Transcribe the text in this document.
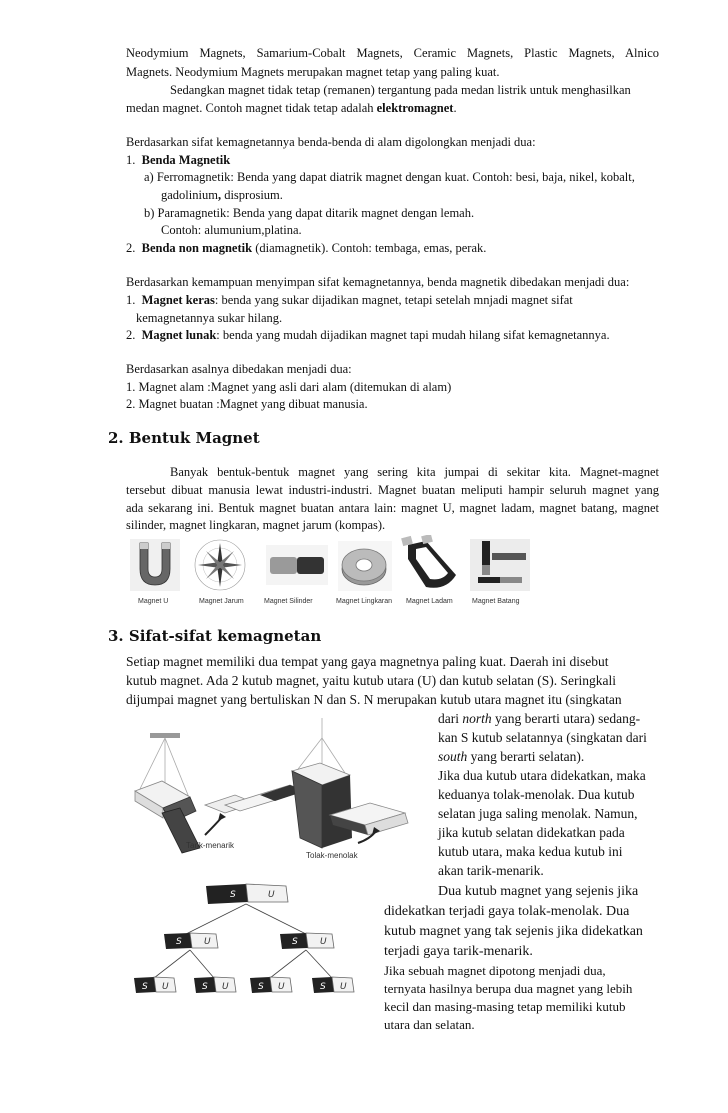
Neodymium Magnets, Samarium-Cobalt Magnets, Ceramic Magnets, Plastic Magnets, Alnico

Magnets. Neodymium Magnets merupakan magnet tetap yang paling kuat.

Sedangkan magnet tidak tetap (remanen) tergantung pada medan listrik untuk menghasilkan

medan magnet. Contoh magnet tidak tetap adalah elektromagnet.

Berdasarkan sifat kemagnetannya benda-benda di alam digolongkan menjadi dua:

1. Benda Magnetik

a) Ferromagnetik: Benda yang dapat diatrik magnet dengan kuat. Contoh: besi, baja, nikel, kobalt,

gadolinium, disprosium.

b) Paramagnetik: Benda yang dapat ditarik magnet dengan lemah.

Contoh: alumunium,platina.

2. Benda non magnetik (diamagnetik). Contoh: tembaga, emas, perak.

Berdasarkan kemampuan menyimpan sifat kemagnetannya, benda magnetik dibedakan menjadi dua:

1. Magnet keras: benda yang sukar dijadikan magnet, tetapi setelah mnjadi magnet sifat

kemagnetannya sukar hilang.

2. Magnet lunak: benda yang mudah dijadikan magnet tapi mudah hilang sifat kemagnetannya.

Berdasarkan asalnya dibedakan menjadi dua:

1. Magnet alam :Magnet yang asli dari alam (ditemukan di alam)

2. Magnet buatan :Magnet yang dibuat manusia.

2. Bentuk Magnet

Banyak bentuk-bentuk magnet yang sering kita jumpai di sekitar kita. Magnet-magnet

tersebut dibuat manusia lewat industri-industri. Magnet buatan meliputi hampir seluruh magnet yang

ada sekarang ini. Bentuk magnet buatan antara lain: magnet U, magnet ladam, magnet batang, magnet

silinder, magnet lingkaran, magnet jarum (kompas).

Magnet U	Magnet Jarum	Magnet Silinder	Magnet Lingkaran Magnet Ladam	Magnet Batang
3. Sifat-sifat kemagnetan

Setiap magnet memiliki dua tempat yang gaya magnetnya paling kuat. Daerah ini disebut

kutub magnet. Ada 2 kutub magnet, yaitu kutub utara (U) dan kutub selatan (S). Seringkali

dijumpai magnet yang bertuliskan N dan S. N merupakan kutub utara magnet itu (singkatan

dari north yang berarti utara) sedang-

kan S kutub selatannya (singkatan dari

south yang berarti selatan).

Jika dua kutub utara didekatkan, maka

keduanya tolak-menolak. Dua kutub

selatan juga saling menolak. Namun,

jika kutub selatan didekatkan pada

kutub utara, maka kedua kutub ini

akan tarik-menarik.

Dua kutub magnet yang sejenis jika

didekatkan terjadi gaya tolak-menolak. Dua

kutub magnet yang tak sejenis jika didekatkan

terjadi gaya tarik-menarik.

Jika sebuah magnet dipotong menjadi dua,

ternyata hasilnya berupa dua magnet yang lebih

kecil dan masing-masing tetap memiliki kutub

utara dan selatan.

Tarik-menarik
Tolak-menolak
S	U
S U	S U
S U	S U	S U	S U
